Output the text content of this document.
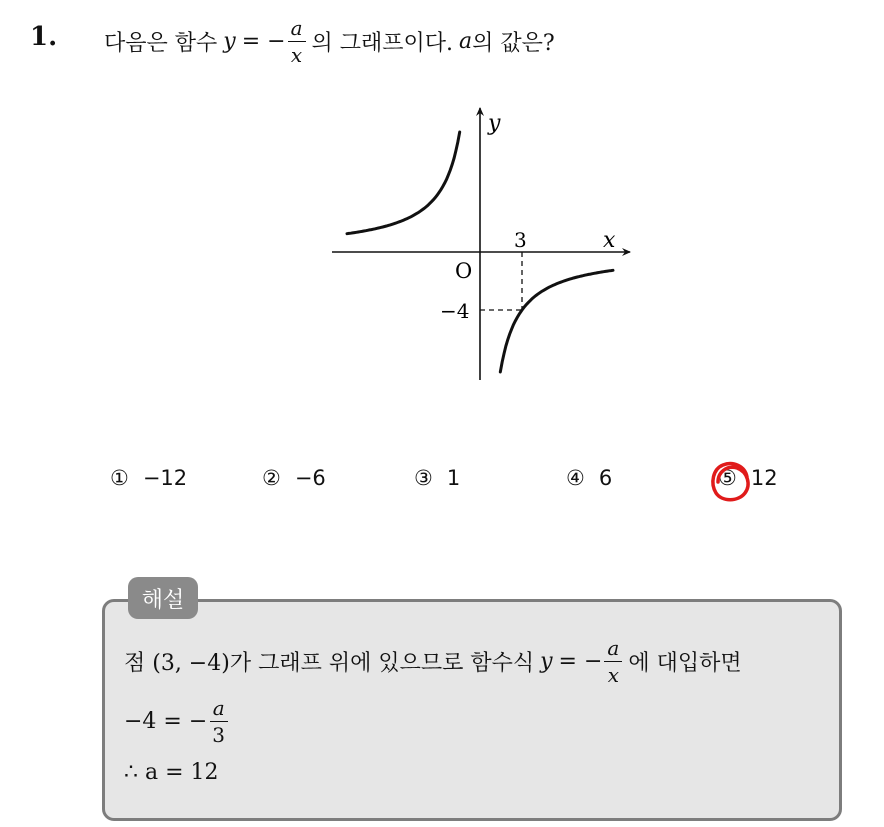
1. 다음은 함수 y = − $\frac{a}{x}$ 의 그래프이다. a 의 값은?
y
x
3
O
−4
① −12	② −6	③ 1	④ 6	⑤ 12
해설
점 (3, −4)가 그래프 위에 있으므로 함수식 y = − $\frac{a}{x}$ 에 대입하면
−4 = − $\frac{a}{3}$
∴ a = 12
